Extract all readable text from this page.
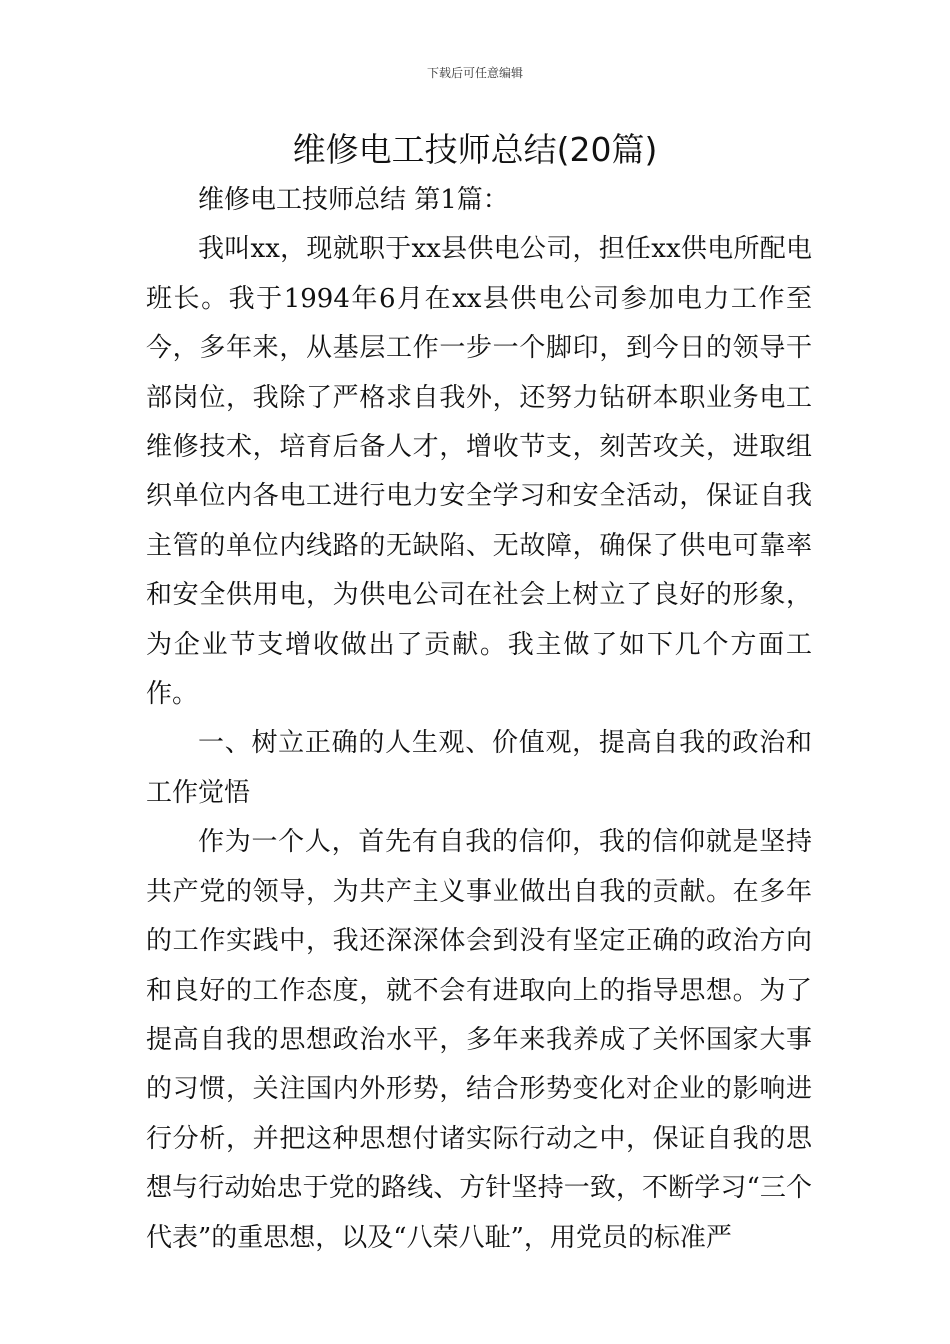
下载后可任意编辑
维修电工技师总结(20篇)

维修电工技师总结 第1篇：

我叫xx，现就职于xx县供电公司，担任xx供电所配电班长。我于1994年6月在xx县供电公司参加电力工作至今，多年来，从基层工作一步一个脚印，到今日的领导干部岗位，我除了严格求自我外，还努力钻研本职业务电工维修技术，培育后备人才，增收节支，刻苦攻关，进取组织单位内各电工进行电力安全学习和安全活动，保证自我主管的单位内线路的无缺陷、无故障，确保了供电可靠率和安全供用电，为供电公司在社会上树立了良好的形象，为企业节支增收做出了贡献。我主做了如下几个方面工作。

一、树立正确的人生观、价值观，提高自我的政治和工作觉悟

作为一个人，首先有自我的信仰，我的信仰就是坚持共产党的领导，为共产主义事业做出自我的贡献。在多年的工作实践中，我还深深体会到没有坚定正确的政治方向和良好的工作态度，就不会有进取向上的指导思想。为了提高自我的思想政治水平，多年来我养成了关怀国家大事的习惯，关注国内外形势，结合形势变化对企业的影响进行分析，并把这种思想付诸实际行动之中，保证自我的思想与行动始忠于党的路线、方针坚持一致，不断学习“三个代表”的重思想，以及“八荣八耻”，用党员的标准严
